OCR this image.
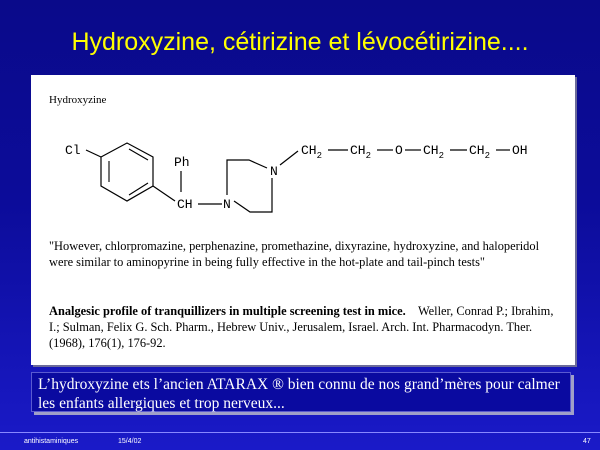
Hydroxyzine, cétirizine et lévocétirizine....
Hydroxyzine
Cl
Ph
CH N
N
$CH_2$ $CH_2$ O $CH_2$ $CH_2$ OH
"However, chlorpromazine, perphenazine, promethazine, dixyrazine, hydroxyzine, and haloperidol were similar to aminopyrine in being fully effective in the hot-plate and tail-pinch tests"
Analgesic profile of tranquillizers in multiple screening test in mice. Weller, Conrad P.; Ibrahim, I.; Sulman, Felix G. Sch. Pharm., Hebrew Univ., Jerusalem, Israel. Arch. Int. Pharmacodyn. Ther. (1968), 176(1), 176-92.
L’hydroxyzine ets l’ancien ATARAX ® bien connu de nos grand’mères pour calmer les enfants allergiques et trop nerveux...
antihistaminiques	15/4/02	47
